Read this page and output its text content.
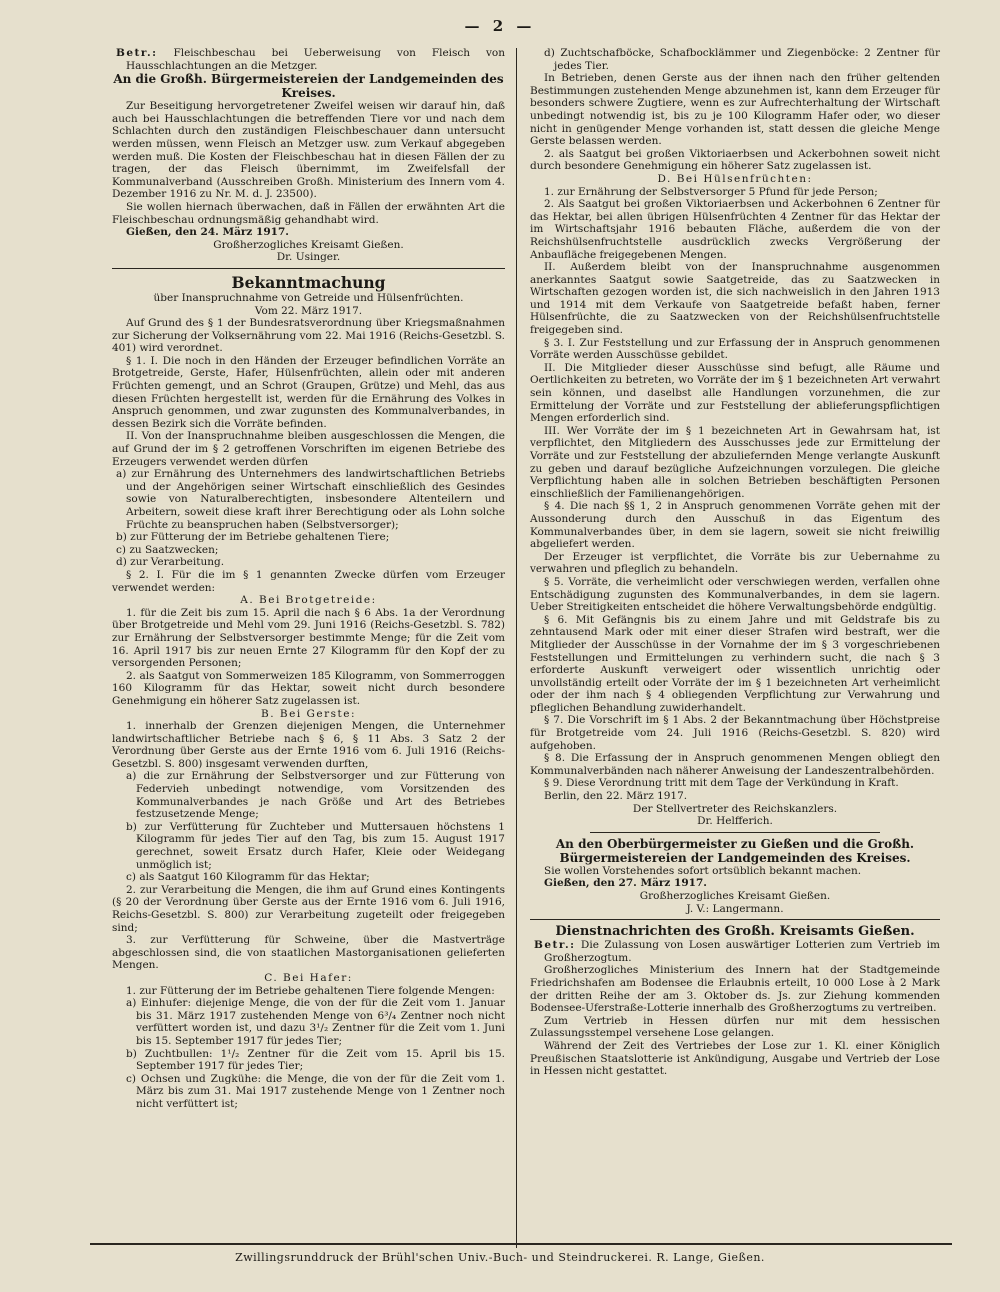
— 2 —

Betr.: Fleischbeschau bei Ueberweisung von Fleisch von Hausschlachtungen an die Metzger.

An die Großh. Bürgermeistereien der Landgemeinden des Kreises.

Zur Beseitigung hervorgetretener Zweifel weisen wir darauf hin, daß auch bei Hausschlachtungen die betreffenden Tiere vor und nach dem Schlachten durch den zuständigen Fleischbeschauer dann untersucht werden müssen, wenn Fleisch an Metzger usw. zum Verkauf abgegeben werden muß. Die Kosten der Fleischbeschau hat in diesen Fällen der zu tragen, der das Fleisch übernimmt, im Zweifelsfall der Kommunalverband (Ausschreiben Großh. Ministerium des Innern vom 4. Dezember 1916 zu Nr. M. d. J. 23500).

Sie wollen hiernach überwachen, daß in Fällen der erwähnten Art die Fleischbeschau ordnungsmäßig gehandhabt wird.

Gießen, den 24. März 1917.

Großherzogliches Kreisamt Gießen.

Dr. Usinger.

Bekanntmachung

über Inanspruchnahme von Getreide und Hülsenfrüchten.

Vom 22. März 1917.

Auf Grund des § 1 der Bundesratsverordnung über Kriegsmaßnahmen zur Sicherung der Volksernährung vom 22. Mai 1916 (Reichs-Gesetzbl. S. 401) wird verordnet.

§ 1. I. Die noch in den Händen der Erzeuger befindlichen Vorräte an Brotgetreide, Gerste, Hafer, Hülsenfrüchten, allein oder mit anderen Früchten gemengt, und an Schrot (Graupen, Grütze) und Mehl, das aus diesen Früchten hergestellt ist, werden für die Ernährung des Volkes in Anspruch genommen, und zwar zugunsten des Kommunalverbandes, in dessen Bezirk sich die Vorräte befinden.

II. Von der Inanspruchnahme bleiben ausgeschlossen die Mengen, die auf Grund der im § 2 getroffenen Vorschriften im eigenen Betriebe des Erzeugers verwendet werden dürfen

a) zur Ernährung des Unternehmers des landwirtschaftlichen Betriebs und der Angehörigen seiner Wirtschaft einschließlich des Gesindes sowie von Naturalberechtigten, insbesondere Altenteilern und Arbeitern, soweit diese kraft ihrer Berechtigung oder als Lohn solche Früchte zu beanspruchen haben (Selbstversorger);

b) zur Fütterung der im Betriebe gehaltenen Tiere;

c) zu Saatzwecken;

d) zur Verarbeitung.

§ 2. I. Für die im § 1 genannten Zwecke dürfen vom Erzeuger verwendet werden:

A. Bei Brotgetreide:

1. für die Zeit bis zum 15. April die nach § 6 Abs. 1a der Verordnung über Brotgetreide und Mehl vom 29. Juni 1916 (Reichs-Gesetzbl. S. 782) zur Ernährung der Selbstversorger bestimmte Menge; für die Zeit vom 16. April 1917 bis zur neuen Ernte 27 Kilogramm für den Kopf der zu versorgenden Personen;

2. als Saatgut von Sommerweizen 185 Kilogramm, von Sommerroggen 160 Kilogramm für das Hektar, soweit nicht durch besondere Genehmigung ein höherer Satz zugelassen ist.

B. Bei Gerste:

1. innerhalb der Grenzen diejenigen Mengen, die Unternehmer landwirtschaftlicher Betriebe nach § 6, § 11 Abs. 3 Satz 2 der Verordnung über Gerste aus der Ernte 1916 vom 6. Juli 1916 (Reichs-Gesetzbl. S. 800) insgesamt verwenden durften,

a) die zur Ernährung der Selbstversorger und zur Fütterung von Federvieh unbedingt notwendige, vom Vorsitzenden des Kommunalverbandes je nach Größe und Art des Betriebes festzusetzende Menge;

b) zur Verfütterung für Zuchteber und Muttersauen höchstens 1 Kilogramm für jedes Tier auf den Tag, bis zum 15. August 1917 gerechnet, soweit Ersatz durch Hafer, Kleie oder Weidegang unmöglich ist;

c) als Saatgut 160 Kilogramm für das Hektar;

2. zur Verarbeitung die Mengen, die ihm auf Grund eines Kontingents (§ 20 der Verordnung über Gerste aus der Ernte 1916 vom 6. Juli 1916, Reichs-Gesetzbl. S. 800) zur Verarbeitung zugeteilt oder freigegeben sind;

3. zur Verfütterung für Schweine, über die Mastverträge abgeschlossen sind, die von staatlichen Mastorganisationen gelieferten Mengen.

C. Bei Hafer:

1. zur Fütterung der im Betriebe gehaltenen Tiere folgende Mengen:

a) Einhufer: diejenige Menge, die von der für die Zeit vom 1. Januar bis 31. März 1917 zustehenden Menge von 6³/₄ Zentner noch nicht verfüttert worden ist, und dazu 3¹/₂ Zentner für die Zeit vom 1. Juni bis 15. September 1917 für jedes Tier;

b) Zuchtbullen: 1¹/₂ Zentner für die Zeit vom 15. April bis 15. September 1917 für jedes Tier;

c) Ochsen und Zugkühe: die Menge, die von der für die Zeit vom 1. März bis zum 31. Mai 1917 zustehende Menge von 1 Zentner noch nicht verfüttert ist;

d) Zuchtschafböcke, Schafbocklämmer und Ziegenböcke: 2 Zentner für jedes Tier.

In Betrieben, denen Gerste aus der ihnen nach den früher geltenden Bestimmungen zustehenden Menge abzunehmen ist, kann dem Erzeuger für besonders schwere Zugtiere, wenn es zur Aufrechterhaltung der Wirtschaft unbedingt notwendig ist, bis zu je 100 Kilogramm Hafer oder, wo dieser nicht in genügender Menge vorhanden ist, statt dessen die gleiche Menge Gerste belassen werden.

2. als Saatgut bei großen Viktoriaerbsen und Ackerbohnen soweit nicht durch besondere Genehmigung ein höherer Satz zugelassen ist.

D. Bei Hülsenfrüchten:

1. zur Ernährung der Selbstversorger 5 Pfund für jede Person;

2. Als Saatgut bei großen Viktoriaerbsen und Ackerbohnen 6 Zentner für das Hektar, bei allen übrigen Hülsenfrüchten 4 Zentner für das Hektar der im Wirtschaftsjahr 1916 bebauten Fläche, außerdem die von der Reichshülsenfruchtstelle ausdrücklich zwecks Vergrößerung der Anbaufläche freigegebenen Mengen.

II. Außerdem bleibt von der Inanspruchnahme ausgenommen anerkanntes Saatgut sowie Saatgetreide, das zu Saatzwecken in Wirtschaften gezogen worden ist, die sich nachweislich in den Jahren 1913 und 1914 mit dem Verkaufe von Saatgetreide befaßt haben, ferner Hülsenfrüchte, die zu Saatzwecken von der Reichshülsenfruchtstelle freigegeben sind.

§ 3. I. Zur Feststellung und zur Erfassung der in Anspruch genommenen Vorräte werden Ausschüsse gebildet.

II. Die Mitglieder dieser Ausschüsse sind befugt, alle Räume und Oertlichkeiten zu betreten, wo Vorräte der im § 1 bezeichneten Art verwahrt sein können, und daselbst alle Handlungen vorzunehmen, die zur Ermittelung der Vorräte und zur Feststellung der ablieferungspflichtigen Mengen erforderlich sind.

III. Wer Vorräte der im § 1 bezeichneten Art in Gewahrsam hat, ist verpflichtet, den Mitgliedern des Ausschusses jede zur Ermittelung der Vorräte und zur Feststellung der abzuliefernden Menge verlangte Auskunft zu geben und darauf bezügliche Aufzeichnungen vorzulegen. Die gleiche Verpflichtung haben alle in solchen Betrieben beschäftigten Personen einschließlich der Familienangehörigen.

§ 4. Die nach §§ 1, 2 in Anspruch genommenen Vorräte gehen mit der Aussonderung durch den Ausschuß in das Eigentum des Kommunalverbandes über, in dem sie lagern, soweit sie nicht freiwillig abgeliefert werden.

Der Erzeuger ist verpflichtet, die Vorräte bis zur Uebernahme zu verwahren und pfleglich zu behandeln.

§ 5. Vorräte, die verheimlicht oder verschwiegen werden, verfallen ohne Entschädigung zugunsten des Kommunalverbandes, in dem sie lagern. Ueber Streitigkeiten entscheidet die höhere Verwaltungsbehörde endgültig.

§ 6. Mit Gefängnis bis zu einem Jahre und mit Geldstrafe bis zu zehntausend Mark oder mit einer dieser Strafen wird bestraft, wer die Mitglieder der Ausschüsse in der Vornahme der im § 3 vorgeschriebenen Feststellungen und Ermittelungen zu verhindern sucht, die nach § 3 erforderte Auskunft verweigert oder wissentlich unrichtig oder unvollständig erteilt oder Vorräte der im § 1 bezeichneten Art verheimlicht oder der ihm nach § 4 obliegenden Verpflichtung zur Verwahrung und pfleglichen Behandlung zuwiderhandelt.

§ 7. Die Vorschrift im § 1 Abs. 2 der Bekanntmachung über Höchstpreise für Brotgetreide vom 24. Juli 1916 (Reichs-Gesetzbl. S. 820) wird aufgehoben.

§ 8. Die Erfassung der in Anspruch genommenen Mengen obliegt den Kommunalverbänden nach näherer Anweisung der Landeszentralbehörden.

§ 9. Diese Verordnung tritt mit dem Tage der Verkündung in Kraft.

Berlin, den 22. März 1917.

Der Stellvertreter des Reichskanzlers.

Dr. Helfferich.

An den Oberbürgermeister zu Gießen und die Großh. Bürgermeistereien der Landgemeinden des Kreises.

Sie wollen Vorstehendes sofort ortsüblich bekannt machen.

Gießen, den 27. März 1917.

Großherzogliches Kreisamt Gießen.

J. V.: Langermann.

Dienstnachrichten des Großh. Kreisamts Gießen.

Betr.: Die Zulassung von Losen auswärtiger Lotterien zum Vertrieb im Großherzogtum.

Großherzogliches Ministerium des Innern hat der Stadtgemeinde Friedrichshafen am Bodensee die Erlaubnis erteilt, 10 000 Lose à 2 Mark der dritten Reihe der am 3. Oktober ds. Js. zur Ziehung kommenden Bodensee-Uferstraße-Lotterie innerhalb des Großherzogtums zu vertreiben.

Zum Vertrieb in Hessen dürfen nur mit dem hessischen Zulassungsstempel versehene Lose gelangen.

Während der Zeit des Vertriebes der Lose zur 1. Kl. einer Königlich Preußischen Staatslotterie ist Ankündigung, Ausgabe und Vertrieb der Lose in Hessen nicht gestattet.

Zwillingsrunddruck der Brühl'schen Univ.-Buch- und Steindruckerei. R. Lange, Gießen.
